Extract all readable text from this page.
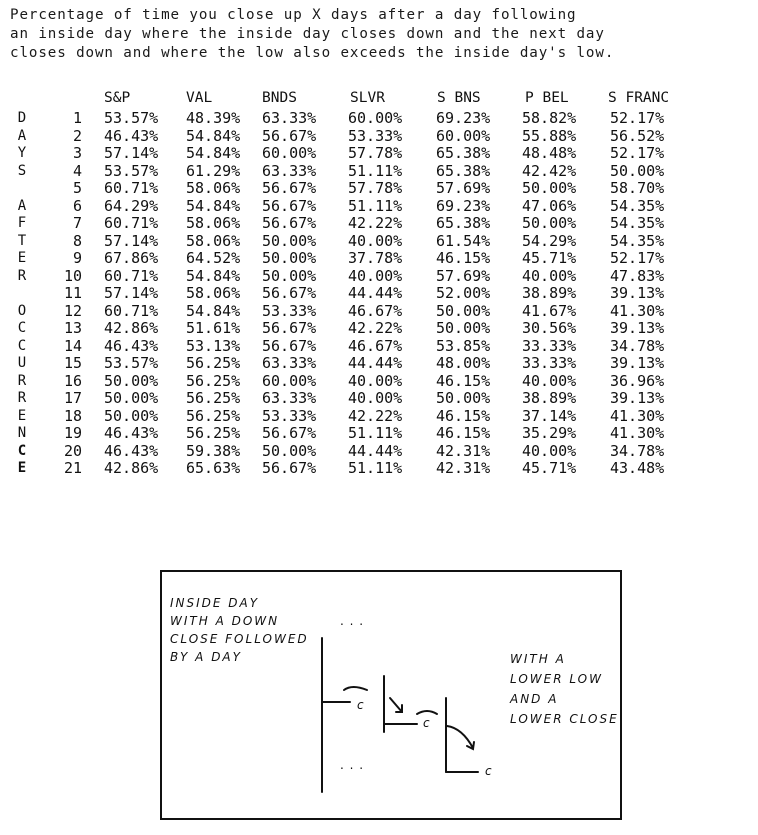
Percentage of time you close up X days after a day following
an inside day where the inside day closes down and the next day
closes down and where the low also exceeds the inside day's low.
D
A
Y
S
A
F
T
E
R
O
C
C
U
R
R
E
N
C
E
S&P	VAL	BNDS	SLVR	S BNS	P BEL	S FRANC
1 53.57% 48.39% 63.33% 60.00% 69.23% 58.82% 52.17%
2 46.43% 54.84% 56.67% 53.33% 60.00% 55.88% 56.52%
3 57.14% 54.84% 60.00% 57.78% 65.38% 48.48% 52.17%
4 53.57% 61.29% 63.33% 51.11% 65.38% 42.42% 50.00%
5 60.71% 58.06% 56.67% 57.78% 57.69% 50.00% 58.70%
6 64.29% 54.84% 56.67% 51.11% 69.23% 47.06% 54.35%
7 60.71% 58.06% 56.67% 42.22% 65.38% 50.00% 54.35%
8 57.14% 58.06% 50.00% 40.00% 61.54% 54.29% 54.35%
9 67.86% 64.52% 50.00% 37.78% 46.15% 45.71% 52.17%
10 60.71% 54.84% 50.00% 40.00% 57.69% 40.00% 47.83%
11 57.14% 58.06% 56.67% 44.44% 52.00% 38.89% 39.13%
12 60.71% 54.84% 53.33% 46.67% 50.00% 41.67% 41.30%
13 42.86% 51.61% 56.67% 42.22% 50.00% 30.56% 39.13%
14 46.43% 53.13% 56.67% 46.67% 53.85% 33.33% 34.78%
15 53.57% 56.25% 63.33% 44.44% 48.00% 33.33% 39.13%
16 50.00% 56.25% 60.00% 40.00% 46.15% 40.00% 36.96%
17 50.00% 56.25% 63.33% 40.00% 50.00% 38.89% 39.13%
18 50.00% 56.25% 53.33% 42.22% 46.15% 37.14% 41.30%
19 46.43% 56.25% 56.67% 51.11% 46.15% 35.29% 41.30%
20 46.43% 59.38% 50.00% 44.44% 42.31% 40.00% 34.78%
21 42.86% 65.63% 56.67% 51.11% 42.31% 45.71% 43.48%
INSIDE DAY
WITH A DOWN
CLOSE FOLLOWED
BY A DAY	WITH A
LOWER LOW
AND A
LOWER CLOSE
. . .
. . .
c
c
c
